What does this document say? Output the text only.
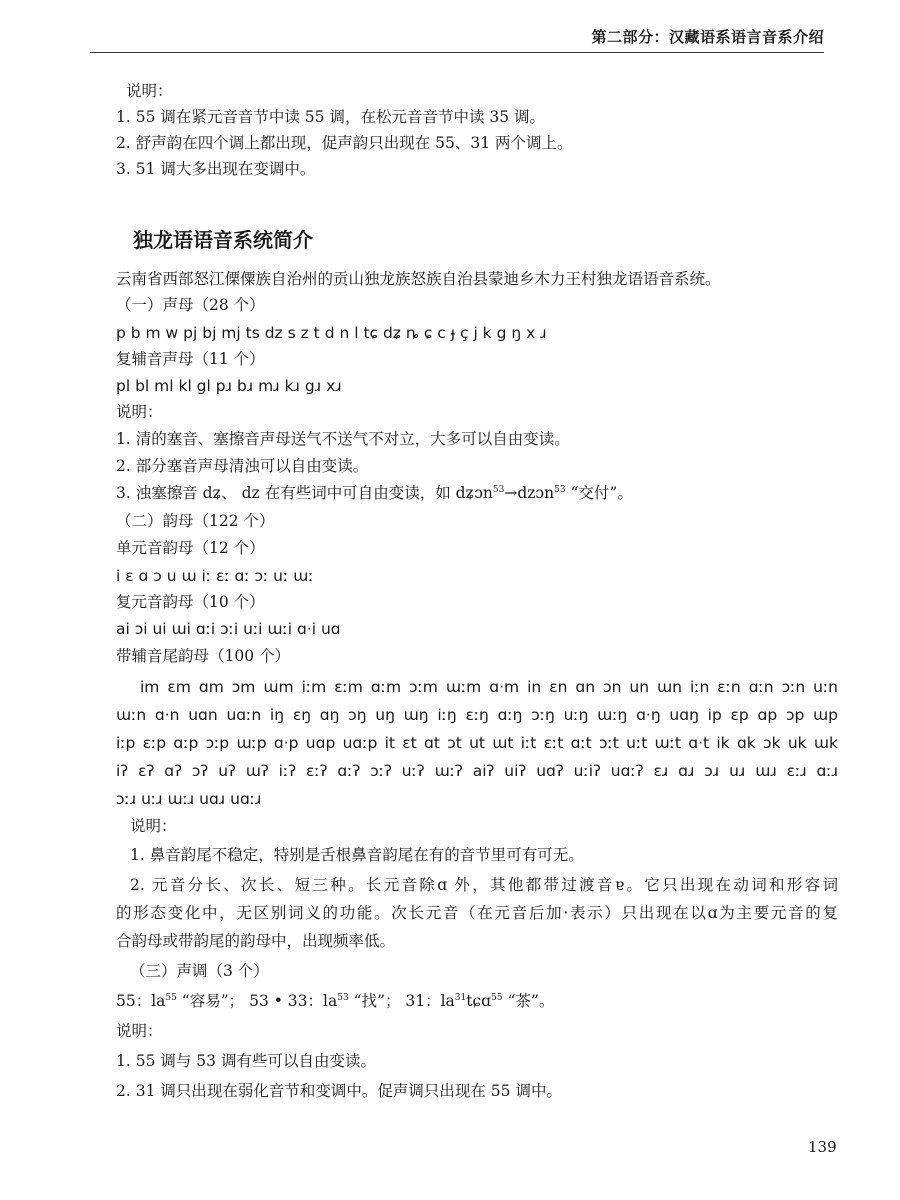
第二部分：汉藏语系语言音系介绍
说明：
1. 55 调在紧元音音节中读 55 调，在松元音音节中读 35 调。
2. 舒声韵在四个调上都出现，促声韵只出现在 55、31 两个调上。
3. 51 调大多出现在变调中。
独龙语语音系统简介
云南省西部怒江傈僳族自治州的贡山独龙族怒族自治县蒙迪乡木力王村独龙语语音系统。
（一）声母（28 个）
p b m w pj bj mj ts dz s z t d n l tɕ dʑ ȵ ɕ c ɟ ç j k g ŋ x ɹ
复辅音声母（11 个）
pl bl ml kl gl pɹ bɹ mɹ kɹ gɹ xɹ
说明：
1. 清的塞音、塞擦音声母送气不送气不对立，大多可以自由变读。
2. 部分塞音声母清浊可以自由变读。
3. 浊塞擦音 dʑ、 dz 在有些词中可自由变读，如 dʑɔn$^{53}$→dzɔn$^{53}$ “交付”。
（二）韵母（122 个）
单元音韵母（12 个）
i ɛ ɑ ɔ u ɯ iː ɛː ɑː ɔː uː ɯː
复元音韵母（10 个）
ai ɔi ui ɯi ɑːi ɔːi uːi ɯːi ɑ·i uɑ
带辅音尾韵母（100 个）
im ɛm ɑm ɔm ɯm iːm ɛːm ɑːm ɔːm ɯːm ɑ·m in ɛn ɑn ɔn un ɯn iːn ɛːn ɑːn ɔːn uːn
ɯːn ɑ·n uɑn uɑːn iŋ ɛŋ ɑŋ ɔŋ uŋ ɯŋ iːŋ ɛːŋ ɑːŋ ɔːŋ uːŋ ɯːŋ ɑ·ŋ uɑŋ ip ɛp ɑp ɔp ɯp
iːp ɛːp ɑːp ɔːp ɯːp ɑ·p uɑp uɑːp it ɛt ɑt ɔt ut ɯt iːt ɛːt ɑːt ɔːt uːt ɯːt ɑ·t ik ɑk ɔk uk ɯk
iʔ ɛʔ ɑʔ ɔʔ uʔ ɯʔ iːʔ ɛːʔ ɑːʔ ɔːʔ uːʔ ɯːʔ aiʔ uiʔ uɑʔ uːiʔ uɑːʔ ɛɹ ɑɹ ɔɹ uɹ ɯɹ ɛːɹ ɑːɹ
ɔːɹ uːɹ ɯːɹ uɑɹ uɑːɹ
说明：
1. 鼻音韵尾不稳定，特别是舌根鼻音韵尾在有的音节里可有可无。
2. 元音分长、次长、短三种。长元音除ɑ 外，其他都带过渡音ɐ。它只出现在动词和形容词
的形态变化中，无区别词义的功能。次长元音（在元音后加·表示）只出现在以ɑ为主要元音的复
合韵母或带韵尾的韵母中，出现频率低。
（三）声调（3 个）
55：$la^{55}$ “容易”； 53 • 33：$la^{53}$ “找”； 31：$la^{31}tɕɑ^{55}$ “茶”。
说明：
1. 55 调与 53 调有些可以自由变读。
2. 31 调只出现在弱化音节和变调中。促声调只出现在 55 调中。
139
